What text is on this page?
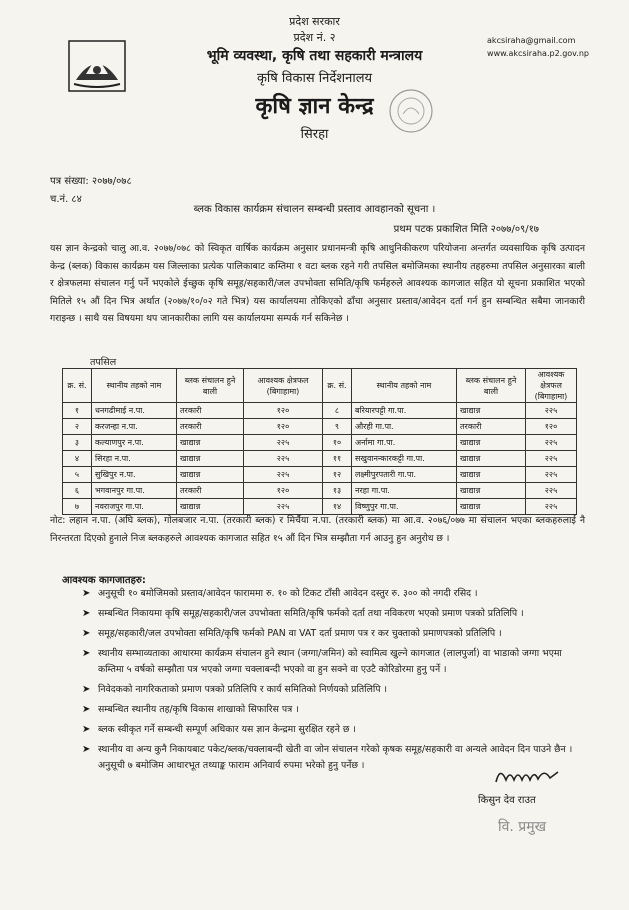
प्रदेश सरकार
प्रदेश नं. २
भूमि व्यवस्था, कृषि तथा सहकारी मन्त्रालय
कृषि विकास निर्देशनालय
कृषि ज्ञान केन्द्र
सिरहा
akcsiraha@gmail.com
www.akcsiraha.p2.gov.np
पत्र संख्या: २०७७/०७८
च.नं. ८४
ब्लक विकास कार्यक्रम संचालन सम्बन्धी प्रस्ताव आवहानको सूचना ।
प्रथम पटक प्रकाशित मिति २०७७/०९/१७
यस ज्ञान केन्द्रको चालु आ.व. २०७७/०७८ को स्विकृत वार्षिक कार्यक्रम अनुसार प्रधानमन्त्री कृषि आधुनिकीकरण परियोजना अन्तर्गत व्यवसायिक कृषि उत्पादन केन्द्र (ब्लक) विकास कार्यक्रम यस जिल्लाका प्रत्येक पालिकाबाट कम्तिमा १ वटा ब्लक रहने गरी तपसिल बमोजिमका स्थानीय तहहरुमा तपसिल अनुसारका बाली र क्षेत्रफलमा संचालन गर्नु पर्ने भएकोले ईच्छुक कृषि समूह/सहकारी/जल उपभोक्ता समिति/कृषि फर्महरुले आवश्यक कागजात सहित यो सूचना प्रकाशित भएको मितिले १५ औं दिन भित्र अर्थात (२०७७/१०/०२ गते भित्र) यस कार्यालयमा तोकिएको ढाँचा अनुसार प्रस्ताव/आवेदन दर्ता गर्न हुन सम्बन्धित सबैमा जानकारी गराइन्छ । साथै यस विषयमा थप जानकारीका लागि यस कार्यालयमा सम्पर्क गर्न सकिनेछ ।
तपसिल
क्र. सं.	स्थानीय तहको नाम	ब्लक संचालन हुने बाली	आवश्यक क्षेत्रफल (बिगाहामा)	क्र. सं.	स्थानीय तहको नाम	ब्लक संचालन हुने बाली	आवश्यक क्षेत्रफल (बिगाहामा)
१	धनगढीमाई न.पा.	तरकारी	१२०	८	बरियारपट्टी गा.पा.	खाद्यान्न	२२५
२	करजन्हा न.पा.	तरकारी	१२०	९	औरही गा.पा.	तरकारी	१२०
३	कल्याणपुर न.पा.	खाद्यान्न	२२५	१०	अर्नामा गा.पा.	खाद्यान्न	२२५
४	सिरहा न.पा.	खाद्यान्न	२२५	११	सखुवानन्कारकट्टी गा.पा.	खाद्यान्न	२२५
५	सुखिपुर न.पा.	खाद्यान्न	२२५	१२	लक्ष्मीपुरपतारी गा.पा.	खाद्यान्न	२२५
६	भगवानपुर गा.पा.	तरकारी	१२०	१३	नरहा गा.पा.	खाद्यान्न	२२५
७	नवराजपुर गा.पा.	खाद्यान्न	२२५	१४	विष्णुपुर गा.पा.	खाद्यान्न	२२५
नोट: लहान न.पा. (अघि ब्लक), गोलबजार न.पा. (तरकारी ब्लक) र मिर्चैया न.पा. (तरकारी ब्लक) मा आ.व. २०७६/०७७ मा संचालन भएका ब्लकहरुलाई नै निरन्तरता दिएको हुनाले निज ब्लकहरुले आवश्यक कागजात सहित १५ औं दिन भित्र सम्झौता गर्न आउनु हुन अनुरोध छ ।
आवश्यक कागजातहरु:
➤ अनुसूची १० बमोजिमको प्रस्ताव/आवेदन फाराममा रु. १० को टिकट टाँसी आवेदन दस्तुर रु. ३०० को नगदी रसिद ।
➤ सम्बन्धित निकायमा कृषि समूह/सहकारी/जल उपभोक्ता समिति/कृषि फर्मको दर्ता तथा नविकरण भएको प्रमाण पत्रको प्रतिलिपि ।
➤ समूह/सहकारी/जल उपभोक्ता समिति/कृषि फर्मको PAN वा VAT दर्ता प्रमाण पत्र र कर चुक्ताको प्रमाणपत्रको प्रतिलिपि ।
➤ स्थानीय सम्भाव्यताका आधारमा कार्यक्रम संचालन हुने स्थान (जग्गा/जमिन) को स्वामित्व खुल्ने कागजात (लालपुर्जा) वा भाडाको जग्गा भएमा कम्तिमा ५ वर्षको सम्झौता पत्र भएको जग्गा चक्लाबन्दी भएको वा हुन सक्ने वा एउटै कोरिडोरमा हुनु पर्ने ।
➤ निवेदकको नागरिकताको प्रमाण पत्रको प्रतिलिपि र कार्य समितिको निर्णयको प्रतिलिपि ।
➤ सम्बन्धित स्थानीय तह/कृषि विकास शाखाको सिफारिस पत्र ।
➤ ब्लक स्वीकृत गर्ने सम्बन्धी सम्पूर्ण अधिकार यस ज्ञान केन्द्रमा सुरक्षित रहने छ ।
➤ स्थानीय वा अन्य कुनै निकायबाट पकेट/ब्लक/चक्लाबन्दी खेती वा जोन संचालन गरेको कृषक समूह/सहकारी वा अन्यले आवेदन दिन पाउने छैन । अनुसूची ७ बमोजिम आधारभूत तथ्याङ्क फाराम अनिवार्य रुपमा भरेको हुनु पर्नेछ ।
किसुन देव राउत
वि. प्रमुख
